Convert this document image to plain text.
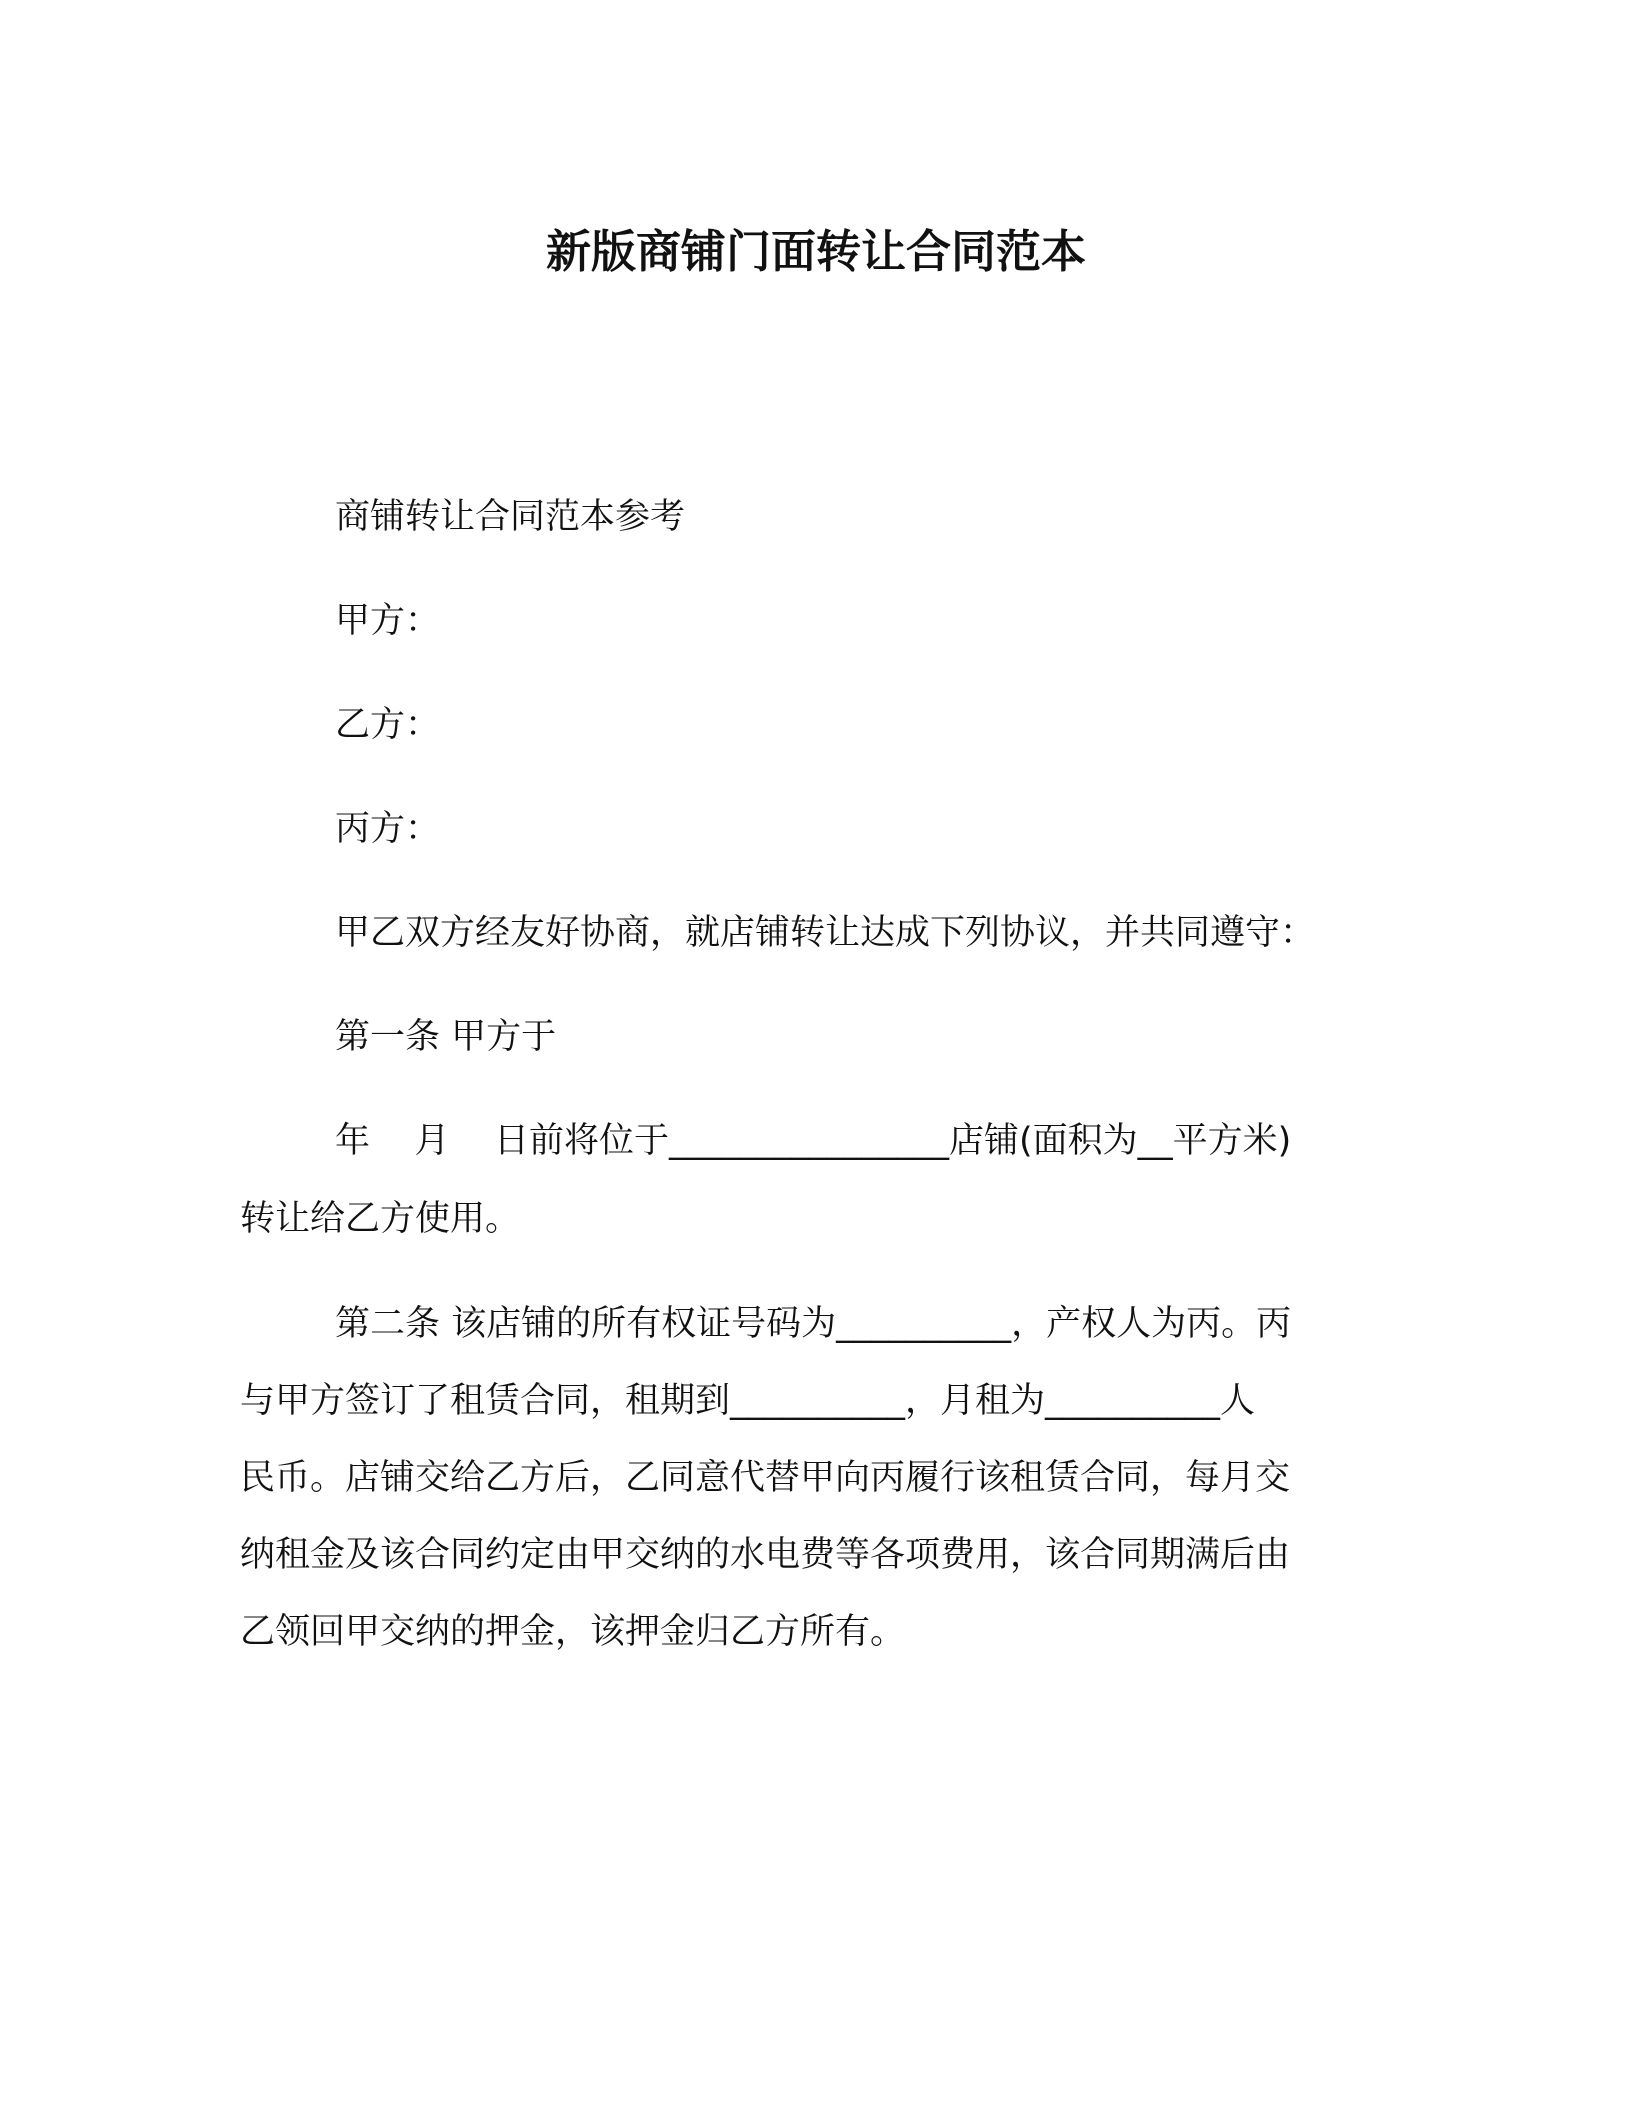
新版商铺门面转让合同范本
商铺转让合同范本参考
甲方：
乙方：
丙方：
甲乙双方经友好协商，就店铺转让达成下列协议，并共同遵守：
第一条 甲方于
年    月    日前将位于________________店铺(面积为__平方米)
转让给乙方使用。
第二条 该店铺的所有权证号码为__________，产权人为丙。丙
与甲方签订了租赁合同，租期到__________，月租为__________人
民币。店铺交给乙方后，乙同意代替甲向丙履行该租赁合同，每月交
纳租金及该合同约定由甲交纳的水电费等各项费用，该合同期满后由
乙领回甲交纳的押金，该押金归乙方所有。
